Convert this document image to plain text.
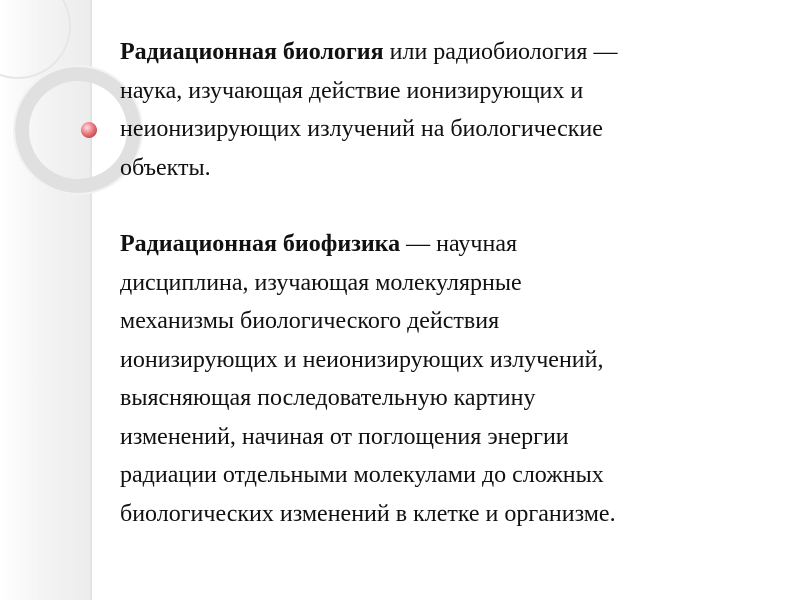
Радиационная биология или радиобиология —
наука, изучающая действие ионизирующих и
неионизирующих излучений на биологические
объекты.

Радиационная биофизика — научная
дисциплина, изучающая молекулярные
механизмы биологического действия
ионизирующих и неионизирующих излучений,
выясняющая последовательную картину
изменений, начиная от поглощения энергии
радиации отдельными молекулами до сложных
биологических изменений в клетке и организме.
